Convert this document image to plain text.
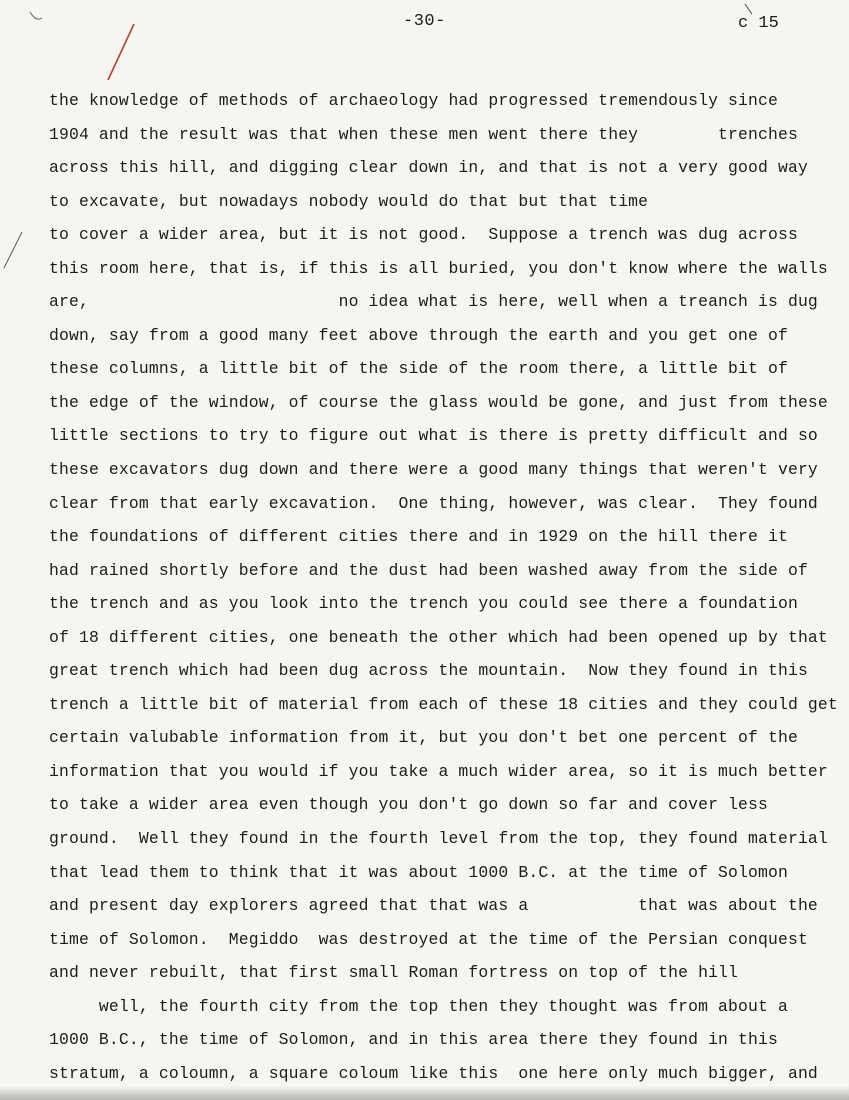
-30-	c 15
the knowledge of methods of archaeology had progressed tremendously since
1904 and the result was that when these men went there they        trenches
across this hill, and digging clear down in, and that is not a very good way
to excavate, but nowadays nobody would do that but that time
to cover a wider area, but it is not good.  Suppose a trench was dug across
this room here, that is, if this is all buried, you don't know where the walls
are,                         no idea what is here, well when a treanch is dug
down, say from a good many feet above through the earth and you get one of
these columns, a little bit of the side of the room there, a little bit of
the edge of the window, of course the glass would be gone, and just from these
little sections to try to figure out what is there is pretty difficult and so
these excavators dug down and there were a good many things that weren't very
clear from that early excavation.  One thing, however, was clear.  They found
the foundations of different cities there and in 1929 on the hill there it
had rained shortly before and the dust had been washed away from the side of
the trench and as you look into the trench you could see there a foundation
of 18 different cities, one beneath the other which had been opened up by that
great trench which had been dug across the mountain.  Now they found in this
trench a little bit of material from each of these 18 cities and they could get
certain valubable information from it, but you don't bet one percent of the
information that you would if you take a much wider area, so it is much better
to take a wider area even though you don't go down so far and cover less
ground.  Well they found in the fourth level from the top, they found material
that lead them to think that it was about 1000 B.C. at the time of Solomon
and present day explorers agreed that that was a           that was about the
time of Solomon.  Megiddo  was destroyed at the time of the Persian conquest
and never rebuilt, that first small Roman fortress on top of the hill
well, the fourth city from the top then they thought was from about a
1000 B.C., the time of Solomon, and in this area there they found in this
stratum, a coloumn, a square coloum like this  one here only much bigger, and
